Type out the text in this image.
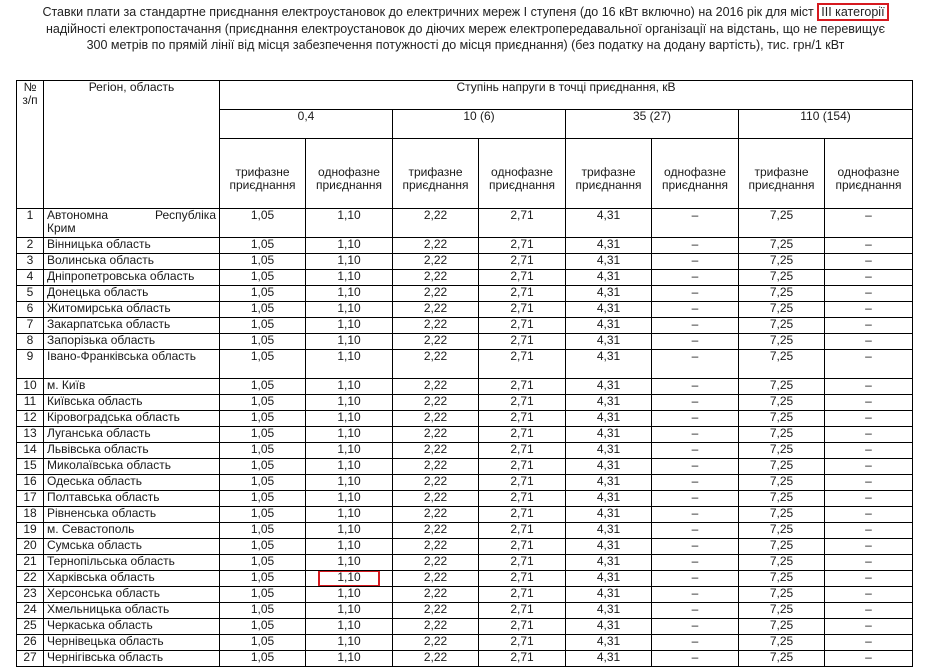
Ставки плати за стандартне приєднання електроустановок до електричних мереж І ступеня (до 16 кВт включно) на 2016 рік для міст ІІІ категорії
надійності електропостачання (приєднання електроустановок до діючих мереж електропередавальної організації на відстань, що не перевищує
300 метрів по прямій лінії від місця забезпечення потужності до місця приєднання) (без податку на додану вартість), тис. грн/1 кВт
№ з/п	Регіон, область	Ступінь напруги в точці приєднання, кВ							
		0,4		10 (6)		35 (27)		110 (154)	

		трифазне приєднання	однофазне приєднання	трифазне приєднання	однофазне приєднання	трифазне приєднання	однофазне приєднання	трифазне приєднання	однофазне приєднання

1	Автономна Республіка
Крим	1,05	1,10	2,22	2,71	4,31	–	7,25	–
2	Вінницька область	1,05	1,10	2,22	2,71	4,31	–	7,25	–
3	Волинська область	1,05	1,10	2,22	2,71	4,31	–	7,25	–
4	Дніпропетровська область	1,05	1,10	2,22	2,71	4,31	–	7,25	–
5	Донецька область	1,05	1,10	2,22	2,71	4,31	–	7,25	–
6	Житомирська область	1,05	1,10	2,22	2,71	4,31	–	7,25	–
7	Закарпатська область	1,05	1,10	2,22	2,71	4,31	–	7,25	–
8	Запорізька область	1,05	1,10	2,22	2,71	4,31	–	7,25	–
9	Івано-Франківська область	1,05	1,10	2,22	2,71	4,31	–	7,25	–
10	м. Київ	1,05	1,10	2,22	2,71	4,31	–	7,25	–
11	Київська область	1,05	1,10	2,22	2,71	4,31	–	7,25	–
12	Кіровоградська область	1,05	1,10	2,22	2,71	4,31	–	7,25	–
13	Луганська область	1,05	1,10	2,22	2,71	4,31	–	7,25	–
14	Львівська область	1,05	1,10	2,22	2,71	4,31	–	7,25	–
15	Миколаївська область	1,05	1,10	2,22	2,71	4,31	–	7,25	–
16	Одеська область	1,05	1,10	2,22	2,71	4,31	–	7,25	–
17	Полтавська область	1,05	1,10	2,22	2,71	4,31	–	7,25	–
18	Рівненська область	1,05	1,10	2,22	2,71	4,31	–	7,25	–
19	м. Севастополь	1,05	1,10	2,22	2,71	4,31	–	7,25	–
20	Сумська область	1,05	1,10	2,22	2,71	4,31	–	7,25	–
21	Тернопільська область	1,05	1,10	2,22	2,71	4,31	–	7,25	–
22	Харківська область	1,05	1,10	2,22	2,71	4,31	–	7,25	–
23	Херсонська область	1,05	1,10	2,22	2,71	4,31	–	7,25	–
24	Хмельницька область	1,05	1,10	2,22	2,71	4,31	–	7,25	–
25	Черкаська область	1,05	1,10	2,22	2,71	4,31	–	7,25	–
26	Чернівецька область	1,05	1,10	2,22	2,71	4,31	–	7,25	–
27	Чернігівська область	1,05	1,10	2,22	2,71	4,31	–	7,25	–
